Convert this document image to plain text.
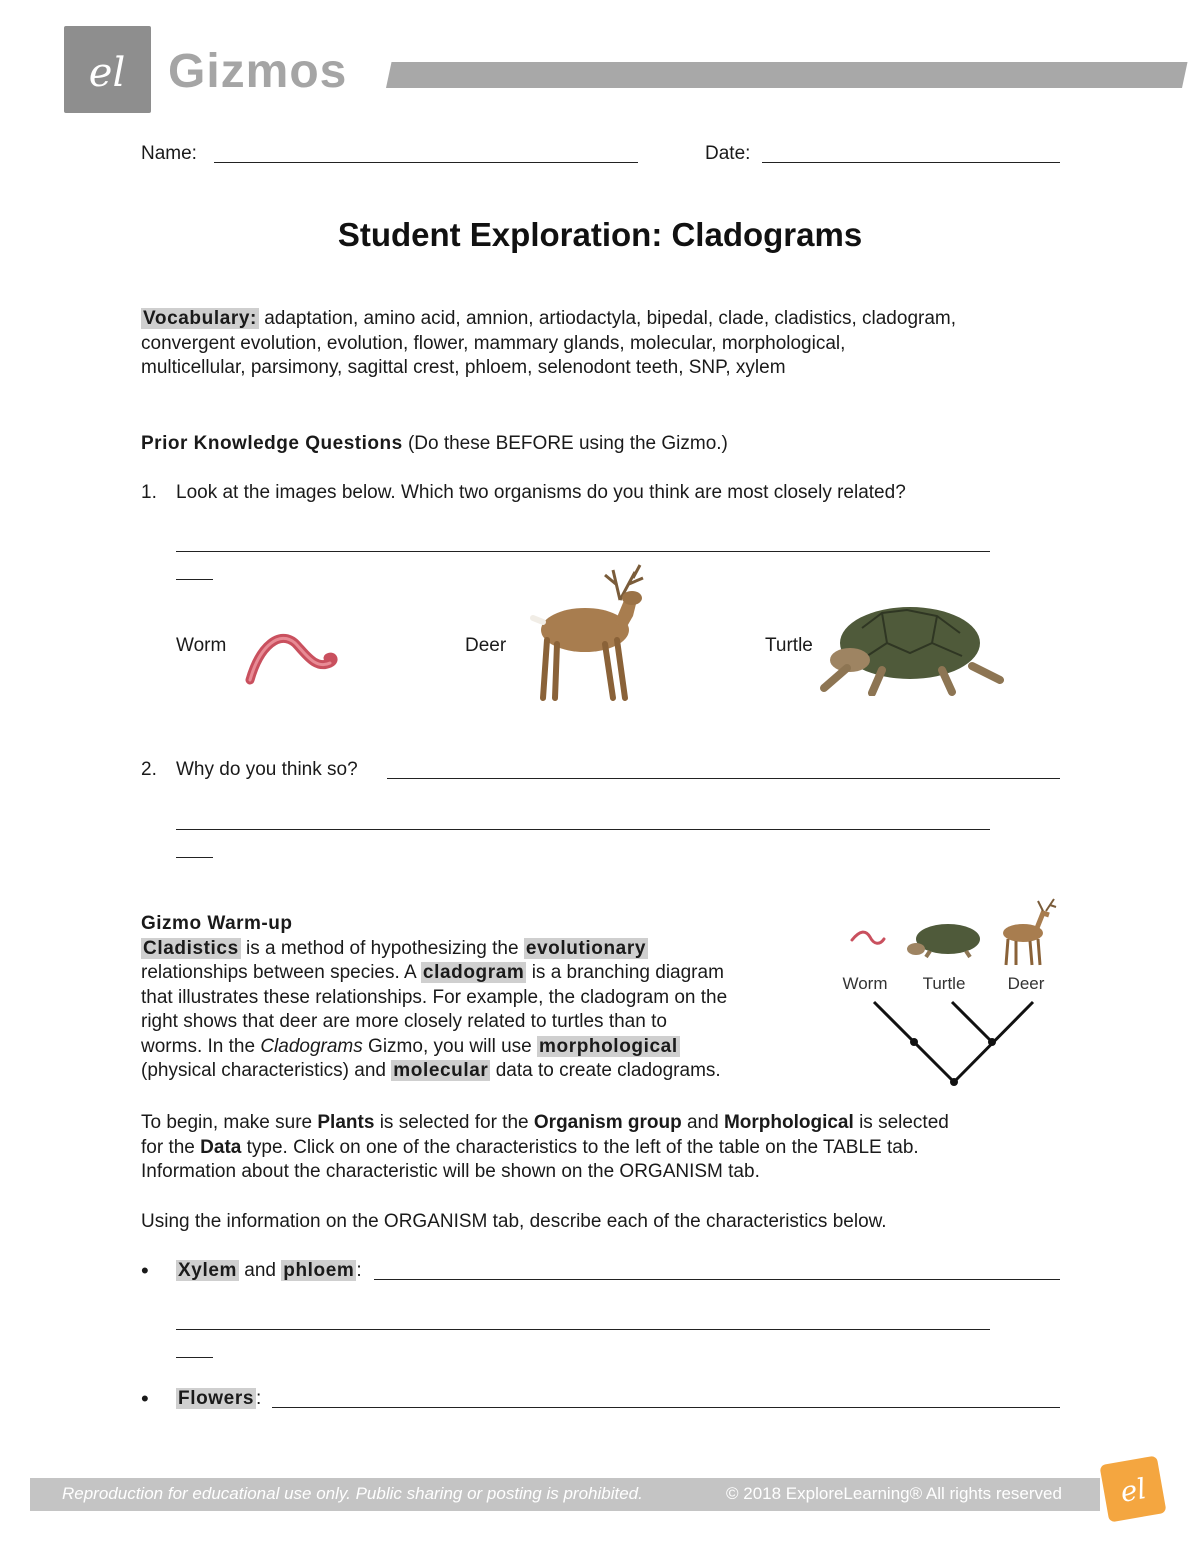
el Gizmos
Name:	Date:
Student Exploration: Cladograms
Vocabulary: adaptation, amino acid, amnion, artiodactyla, bipedal, clade, cladistics, cladogram,
convergent evolution, evolution, flower, mammary glands, molecular, morphological,
multicellular, parsimony, sagittal crest, phloem, selenodont teeth, SNP, xylem
Prior Knowledge Questions (Do these BEFORE using the Gizmo.)
1. Look at the images below. Which two organisms do you think are most closely related?
Worm	Deer	Turtle
2. Why do you think so?
Gizmo Warm-up
Cladistics is a method of hypothesizing the evolutionary
relationships between species. A cladogram is a branching diagram
that illustrates these relationships. For example, the cladogram on the
right shows that deer are more closely related to turtles than to
worms. In the Cladograms Gizmo, you will use morphological
(physical characteristics) and molecular data to create cladograms.
Worm Turtle Deer
To begin, make sure Plants is selected for the Organism group and Morphological is selected
for the Data type. Click on one of the characteristics to the left of the table on the TABLE tab.
Information about the characteristic will be shown on the ORGANISM tab.
Using the information on the ORGANISM tab, describe each of the characteristics below.
• Xylem and phloem :
• Flowers :
Reproduction for educational use only. Public sharing or posting is prohibited.	© 2018 ExploreLearning® All rights reserved el
